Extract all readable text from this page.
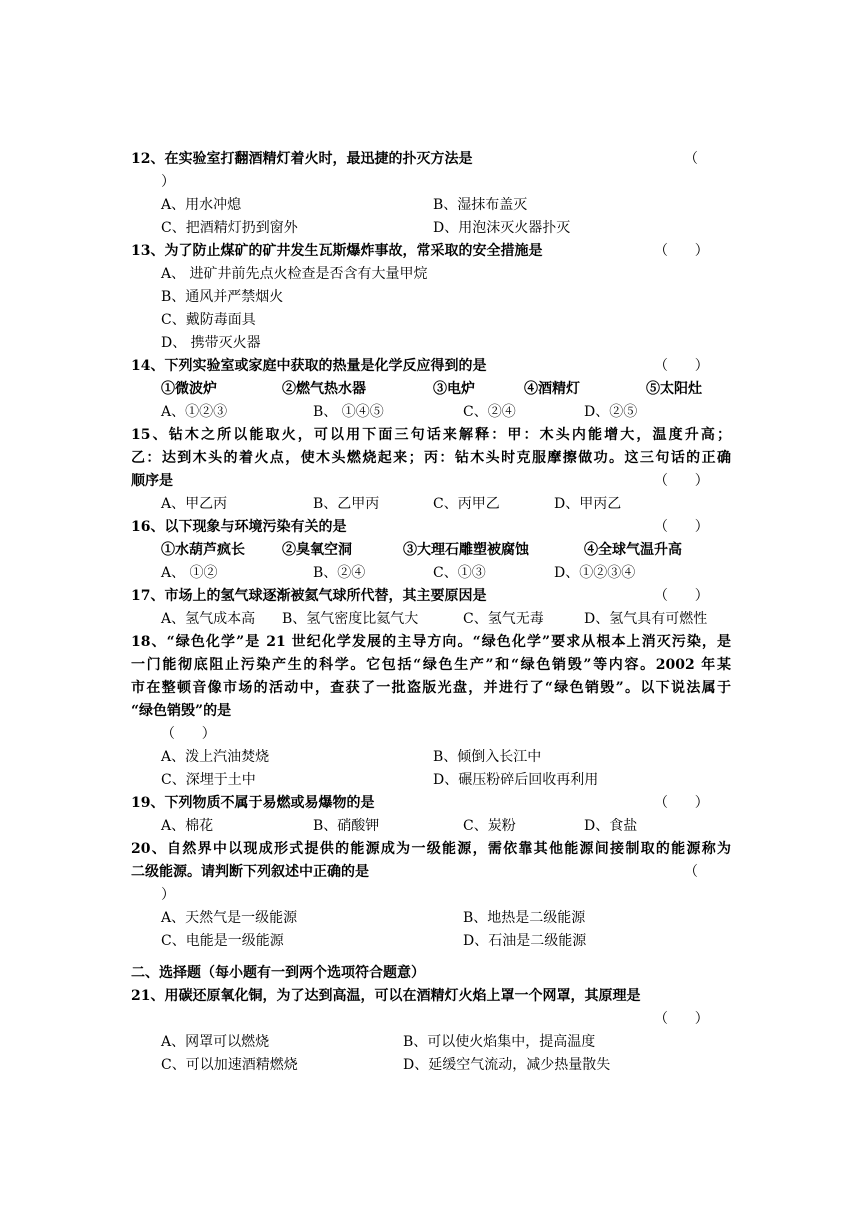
12、在实验室打翻酒精灯着火时，最迅捷的扑灭方法是	（
）
A、用水冲熄	B、湿抹布盖灭
C、把酒精灯扔到窗外	D、用泡沫灭火器扑灭
13、为了防止煤矿的矿井发生瓦斯爆炸事故，常采取的安全措施是	（      ）
A、 进矿井前先点火检查是否含有大量甲烷
B、通风并严禁烟火
C、戴防毒面具
D、 携带灭火器
14、下列实验室或家庭中获取的热量是化学反应得到的是	（      ）
①微波炉	②燃气热水器	③电炉	④酒精灯	⑤太阳灶
A、①②③	B、 ①④⑤	C、②④	D、②⑤
15、钻木之所以能取火，可以用下面三句话来解释：甲：木头内能增大，温度升高；
乙：达到木头的着火点，使木头燃烧起来；丙：钻木头时克服摩擦做功。这三句话的正确
顺序是	（      ）
A、甲乙丙	B、乙甲丙	C、丙甲乙	D、甲丙乙
16、以下现象与环境污染有关的是	（      ）
①水葫芦疯长	②臭氧空洞	③大理石雕塑被腐蚀	④全球气温升高
A、 ①②	B、②④	C、①③	D、①②③④
17、市场上的氢气球逐渐被氦气球所代替，其主要原因是	（      ）
A、氢气成本高 B、氢气密度比氦气大	C、氢气无毒	D、氢气具有可燃性
18、“绿色化学”是 21 世纪化学发展的主导方向。“绿色化学”要求从根本上消灭污染，是
一门能彻底阻止污染产生的科学。它包括“绿色生产”和“绿色销毁”等内容。2002 年某
市在整顿音像市场的活动中，查获了一批盗版光盘，并进行了“绿色销毁”。以下说法属于
“绿色销毁”的是
（      ）
A、泼上汽油焚烧	B、倾倒入长江中
C、深埋于土中	D、碾压粉碎后回收再利用
19、下列物质不属于易燃或易爆物的是	（      ）
A、棉花	B、硝酸钾	C、炭粉	D、食盐
20、自然界中以现成形式提供的能源成为一级能源，需依靠其他能源间接制取的能源称为
二级能源。请判断下列叙述中正确的是	（
）
A、天然气是一级能源	B、地热是二级能源
C、电能是一级能源	D、石油是二级能源
二、选择题（每小题有一到两个选项符合题意）
21、用碳还原氧化铜，为了达到高温，可以在酒精灯火焰上罩一个网罩，其原理是
（      ）
A、网罩可以燃烧	B、可以使火焰集中，提高温度
C、可以加速酒精燃烧	D、延缓空气流动，减少热量散失
